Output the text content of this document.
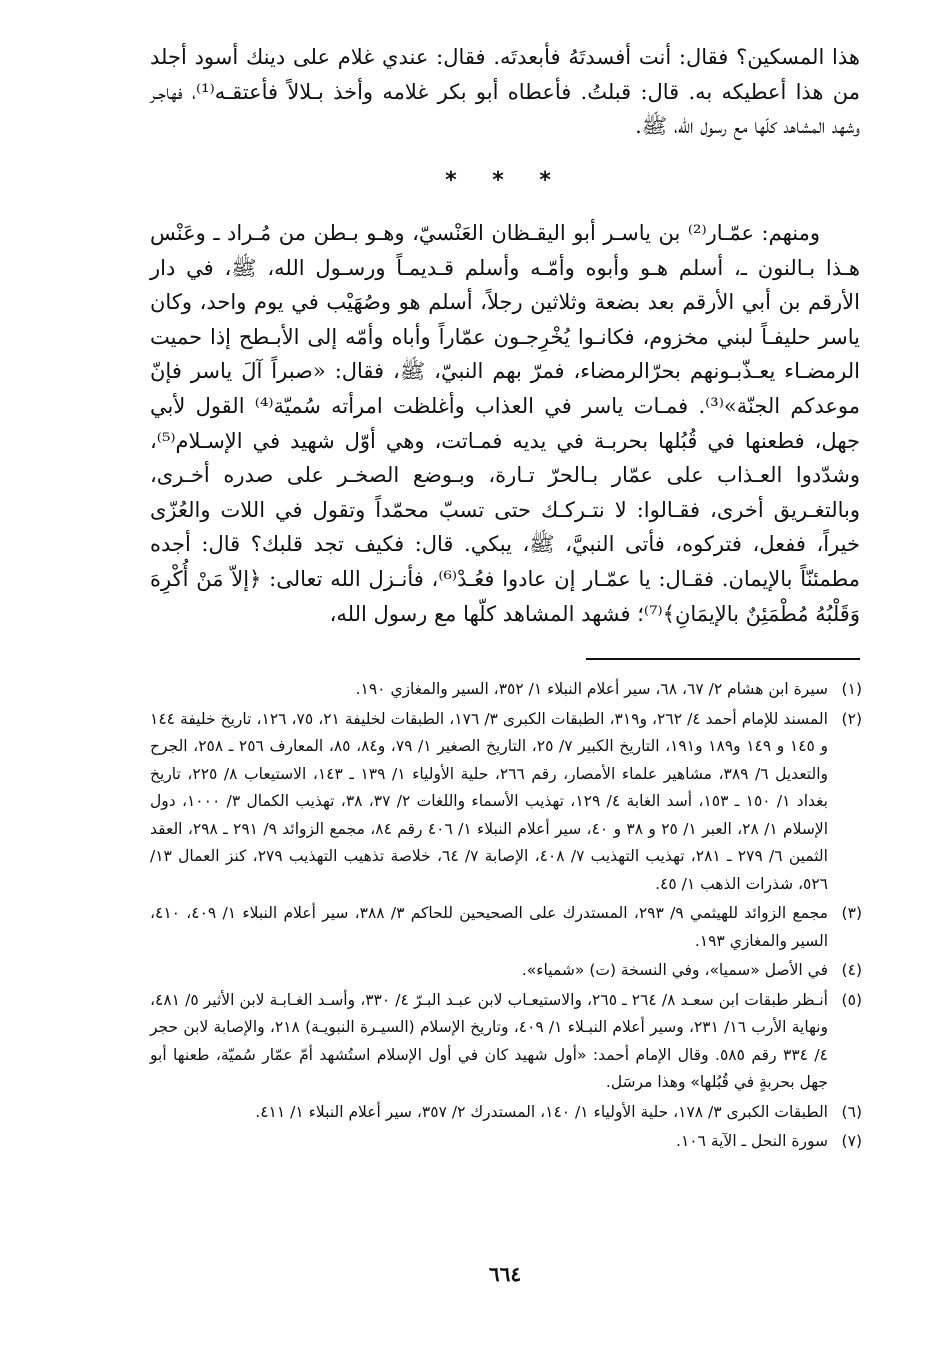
هذا المسكين؟ فقال: أنت أفسدتَهُ فأبعدتَه. فقال: عندي غلام على دينك أسود أجلد من هذا أعطيكه به. قال: قبلتُ. فأعطاه أبو بكر غلامه وأخذ بـلالاً فأعتقـه⁽¹⁾، فهاجـر وشهد المشاهد كلّها مع رسول الله، ﷺ.
* * *
ومنهم: عمّـار⁽²⁾ بن ياسـر أبو اليقـظان العَنْسيّ، وهـو بـطن من مُـراد ـ وعَنْس هـذا بـالنون ـ، أسلم هـو وأبوه وأمّـه وأسلم قـديمـاً ورسـول الله، ﷺ، في دار الأرقم بن أبي الأرقم بعد بضعة وثلاثين رجلاً، أسلم هو وصُهَيْب في يوم واحد، وكان ياسر حليفـاً لبني مخزوم، فكانـوا يُخْرِجـون عمّاراً وأباه وأمّه إلى الأبـطح إذا حميت الرمضـاء يعـذّبـونهم بحرّالرمضاء، فمرّ بهم النبيّ، ﷺ، فقال: «صبراً آلَ ياسر فإنّ موعدكم الجنّة»⁽³⁾. فمـات ياسر في العذاب وأغلظت امرأته سُميّة⁽⁴⁾ القول لأبي جهل، فطعنها في قُبُلها بحربـة في يديه فمـاتت، وهي أوّل شهيد في الإسـلام⁽⁵⁾، وشدّدوا العـذاب على عمّار بـالحرّ تـارة، وبـوضع الصخـر على صدره أخـرى، وبالتغـريق أخرى، فقـالوا: لا نتـركـك حتى تسبّ محمّداً وتقول في اللات والعُزّى خيراً، ففعل، فتركوه، فأتى النبيَّ، ﷺ، يبكي. قال: فكيف تجد قلبك؟ قال: أجده مطمئنّاً بالإيمان. فقـال: يا عمّـار إن عادوا فعُـدْ⁽⁶⁾، فأنـزل الله تعالى: ﴿إلاّ مَنْ أُكْرِهَ وَقَلْبُهُ مُطْمَئِنٌ بالإيمَانِ﴾⁽⁷⁾؛ فشهد المشاهد كلّها مع رسول الله،
(١)
سيرة ابن هشام ٢/ ٦٧، ٦٨، سير أعلام النبلاء ١/ ٣٥٢، السير والمغازي ١٩٠.
(٢)
المسند للإمام أحمد ٤/ ٢٦٢، و٣١٩، الطبقات الكبرى ٣/ ١٧٦، الطبقات لخليفة ٢١، ٧٥، ١٢٦، تاريخ خليفة ١٤٤ و ١٤٥ و ١٤٩ و١٨٩ و١٩١، التاريخ الكبير ٧/ ٢٥، التاريخ الصغير ١/ ٧٩، و٨٤، ٨٥، المعارف ٢٥٦ ـ ٢٥٨، الجرح والتعديل ٦/ ٣٨٩، مشاهير علماء الأمصار، رقم ٢٦٦، حلية الأولياء ١/ ١٣٩ ـ ١٤٣، الاستيعاب ٨/ ٢٢٥، تاريخ بغداد ١/ ١٥٠ ـ ١٥٣، أسد الغابة ٤/ ١٢٩، تهذيب الأسماء واللغات ٢/ ٣٧، ٣٨، تهذيب الكمال ٣/ ١٠٠٠، دول الإسلام ١/ ٢٨، العبر ١/ ٢٥ و ٣٨ و ٤٠، سير أعلام النبلاء ١/ ٤٠٦ رقم ٨٤، مجمع الزوائد ٩/ ٢٩١ ـ ٢٩٨، العقد الثمين ٦/ ٢٧٩ ـ ٢٨١، تهذيب التهذيب ٧/ ٤٠٨، الإصابة ٧/ ٦٤، خلاصة تذهيب التهذيب ٢٧٩، كنز العمال ١٣/ ٥٢٦، شذرات الذهب ١/ ٤٥.
(٣)
مجمع الزوائد للهيثمي ٩/ ٢٩٣، المستدرك على الصحيحين للحاكم ٣/ ٣٨٨، سير أعلام النبلاء ١/ ٤٠٩، ٤١٠، السير والمغازي ١٩٣.
(٤)
في الأصل «سميا»، وفي النسخة (ت) «شمياء».
(٥)
أنـظر طبقات ابن سعـد ٨/ ٢٦٤ ـ ٢٦٥، والاستيعـاب لابن عبـد البـرّ ٤/ ٣٣٠، وأسـد الغـابـة لابن الأثير ٥/ ٤٨١، ونهاية الأرب ١٦/ ٢٣١، وسير أعلام النبـلاء ١/ ٤٠٩، وتاريخ الإسلام (السيـرة النبويـة) ٢١٨، والإصابة لابن حجر ٤/ ٣٣٤ رقم ٥٨٥. وقال الإمام أحمد: «أول شهيد كان في أول الإسلام استُشهد أمّ عمّار سُميّة، طعنها أبو جهل بحربةٍ في قُبُلها» وهذا مرسَل.
(٦)
الطبقات الكبرى ٣/ ١٧٨، حلية الأولياء ١/ ١٤٠، المستدرك ٢/ ٣٥٧، سير أعلام النبلاء ١/ ٤١١.
(٧)
سورة النحل ـ الآية ١٠٦.
٦٦٤
